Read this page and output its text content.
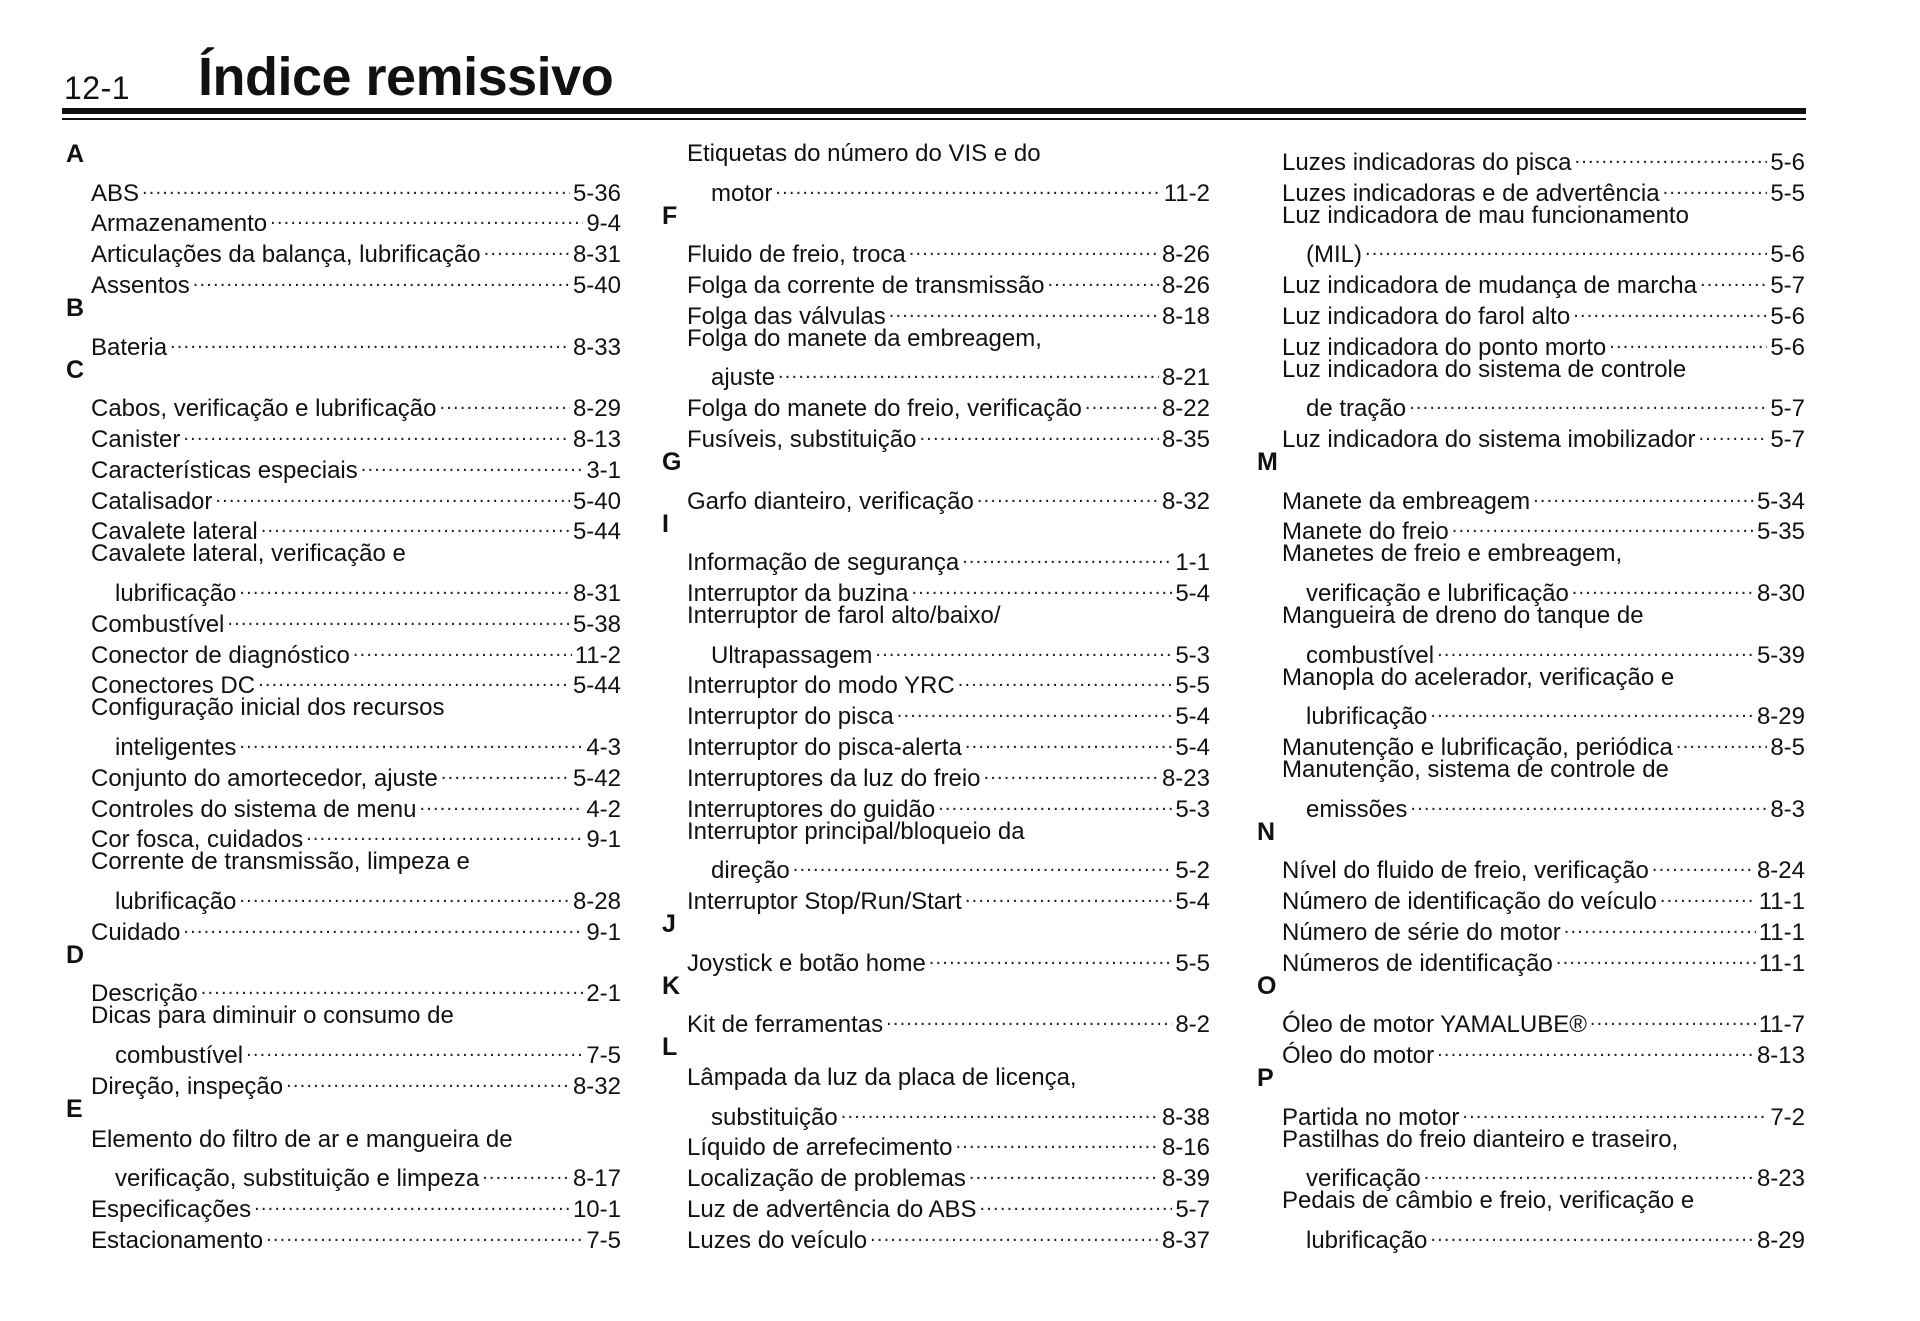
12-1 Índice remissivo
A
ABS .....	5-36
Armazenamento .....	9-4
Articulações da balança, lubrificação .....	8-31
Assentos .....	5-40
B
Bateria .....	8-33
C
Cabos, verificação e lubrificação .....	8-29
Canister .....	8-13
Características especiais .....	3-1
Catalisador .....	5-40
Cavalete lateral .....	5-44
Cavalete lateral, verificação e
lubrificação .....	8-31
Combustível .....	5-38
Conector de diagnóstico .....	11-2
Conectores DC .....	5-44
Configuração inicial dos recursos
inteligentes .....	4-3
Conjunto do amortecedor, ajuste .....	5-42
Controles do sistema de menu .....	4-2
Cor fosca, cuidados .....	9-1
Corrente de transmissão, limpeza e
lubrificação .....	8-28
Cuidado .....	9-1
D
Descrição .....	2-1
Dicas para diminuir o consumo de
combustível .....	7-5
Direção, inspeção .....	8-32
E
Elemento do filtro de ar e mangueira de
verificação, substituição e limpeza .....	8-17
Especificações .....	10-1
Estacionamento .....	7-5
Etiquetas do número do VIS e do
motor .....	11-2
F
Fluido de freio, troca .....	8-26
Folga da corrente de transmissão .....	8-26
Folga das válvulas .....	8-18
Folga do manete da embreagem,
ajuste .....	8-21
Folga do manete do freio, verificação .....	8-22
Fusíveis, substituição .....	8-35
G
Garfo dianteiro, verificação .....	8-32
I
Informação de segurança .....	1-1
Interruptor da buzina .....	5-4
Interruptor de farol alto/baixo/
Ultrapassagem .....	5-3
Interruptor do modo YRC .....	5-5
Interruptor do pisca .....	5-4
Interruptor do pisca-alerta .....	5-4
Interruptores da luz do freio .....	8-23
Interruptores do guidão .....	5-3
Interruptor principal/bloqueio da
direção .....	5-2
Interruptor Stop/Run/Start .....	5-4
J
Joystick e botão home .....	5-5
K
Kit de ferramentas .....	8-2
L
Lâmpada da luz da placa de licença,
substituição .....	8-38
Líquido de arrefecimento .....	8-16
Localização de problemas .....	8-39
Luz de advertência do ABS .....	5-7
Luzes do veículo .....	8-37
Luzes indicadoras do pisca .....	5-6
Luzes indicadoras e de advertência .....	5-5
Luz indicadora de mau funcionamento
(MIL) .....	5-6
Luz indicadora de mudança de marcha .....	5-7
Luz indicadora do farol alto .....	5-6
Luz indicadora do ponto morto .....	5-6
Luz indicadora do sistema de controle
de tração .....	5-7
Luz indicadora do sistema imobilizador .....	5-7
M
Manete da embreagem .....	5-34
Manete do freio .....	5-35
Manetes de freio e embreagem,
verificação e lubrificação .....	8-30
Mangueira de dreno do tanque de
combustível .....	5-39
Manopla do acelerador, verificação e
lubrificação .....	8-29
Manutenção e lubrificação, periódica .....	8-5
Manutenção, sistema de controle de
emissões .....	8-3
N
Nível do fluido de freio, verificação .....	8-24
Número de identificação do veículo .....	11-1
Número de série do motor .....	11-1
Números de identificação .....	11-1
O
Óleo de motor YAMALUBE® .....	11-7
Óleo do motor .....	8-13
P
Partida no motor .....	7-2
Pastilhas do freio dianteiro e traseiro,
verificação .....	8-23
Pedais de câmbio e freio, verificação e
lubrificação .....	8-29
